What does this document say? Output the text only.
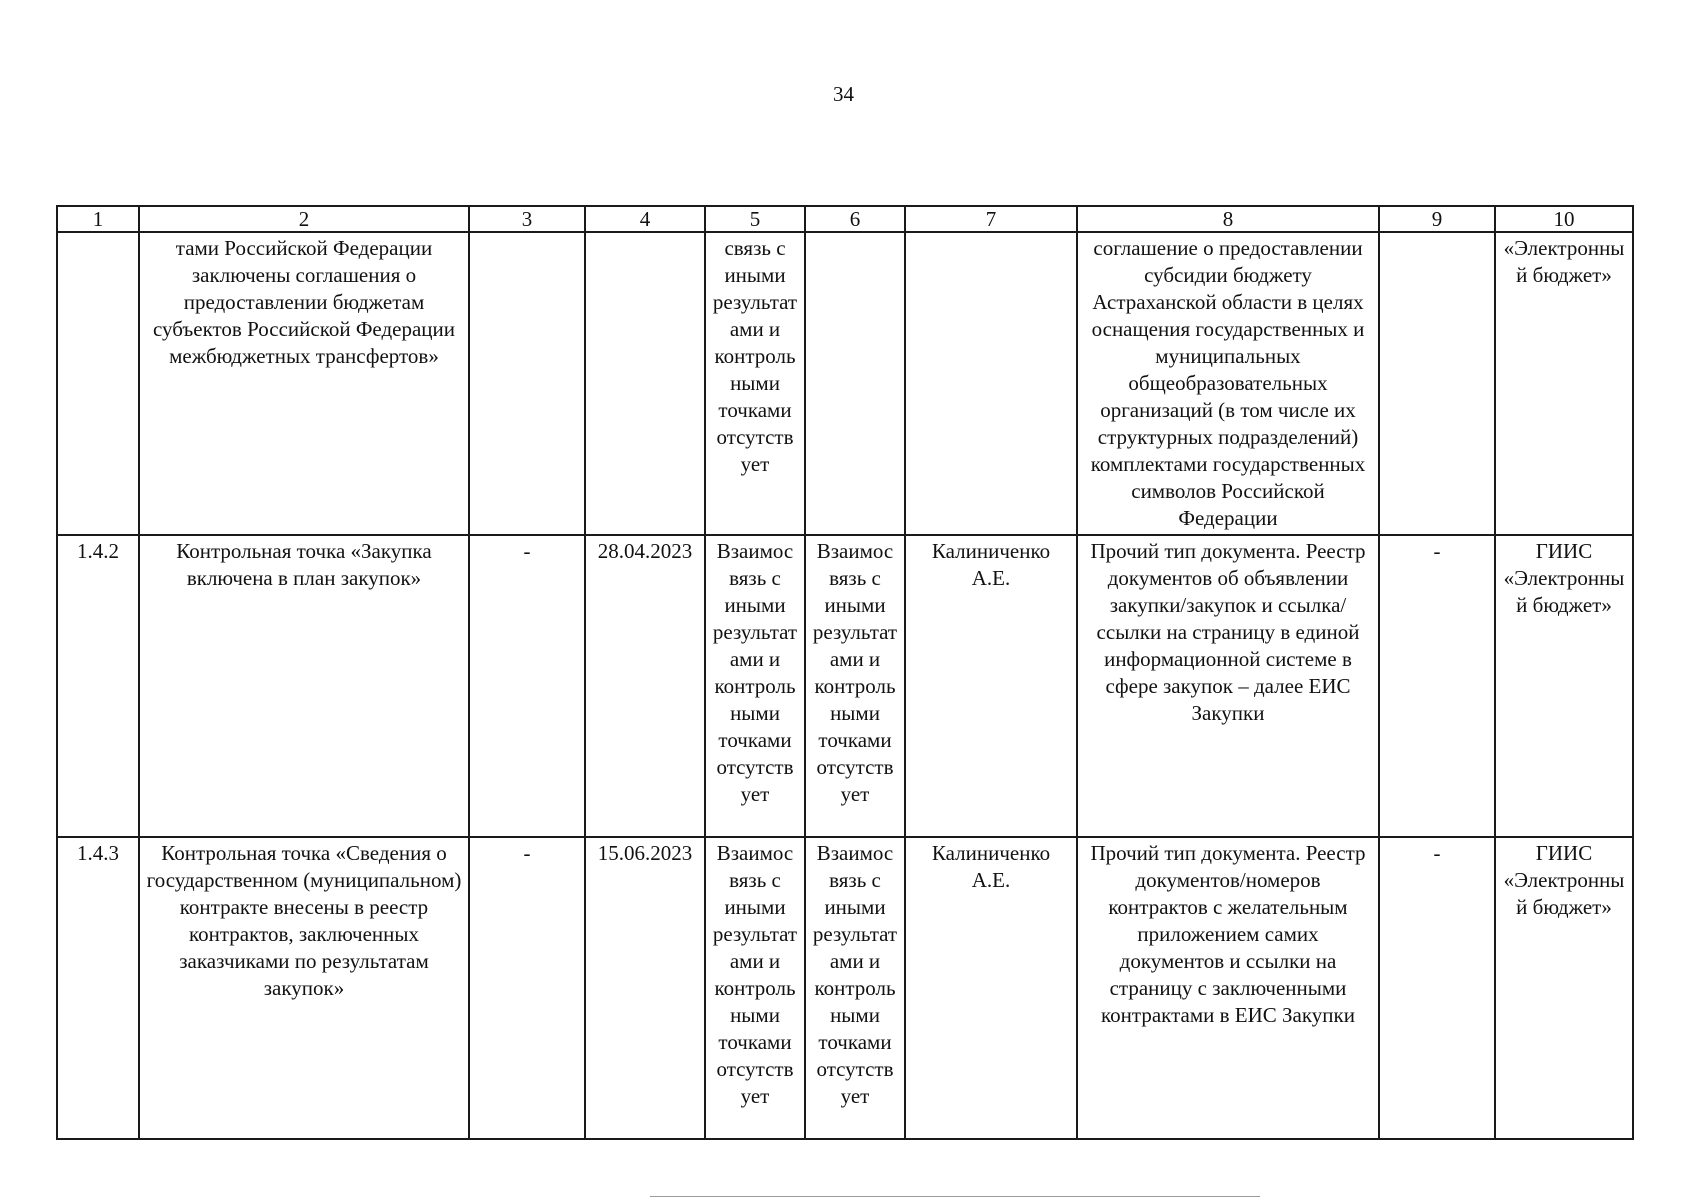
34
1	2	3	4	5	6	7	8	9	10
	тами Российской Федерации заключены соглашения о предоставлении бюджетам субъектов Российской Федерации межбюджетных трансфертов»			связь с иными результатами и контрольными точками отсутствует			соглашение о предоставлении субсидии бюджету Астраханской области в целях оснащения государственных и муниципальных общеобразовательных организаций (в том числе их структурных подразделений) комплектами государственных символов Российской Федерации		«Электронный бюджет»
1.4.2	Контрольная точка «Закупка включена в план закупок»	-	28.04.2023	Взаимосвязь с иными результатами и контрольными точками отсутствует	Взаимосвязь с иными результатами и контрольными точками отсутствует	Калиниченко А.Е.	Прочий тип документа. Реестр документов об объявлении закупки/закупок и ссылка/ссылки на страницу в единой информационной системе в сфере закупок – далее ЕИС Закупки	-	ГИИС «Электронный бюджет»
1.4.3	Контрольная точка «Сведения о государственном (муниципальном) контракте внесены в реестр контрактов, заключенных заказчиками по результатам закупок»	-	15.06.2023	Взаимосвязь с иными результатами и контрольными точками отсутствует	Взаимосвязь с иными результатами и контрольными точками отсутствует	Калиниченко А.Е.	Прочий тип документа. Реестр документов/номеров контрактов с желательным приложением самих документов и ссылки на страницу с заключенными контрактами в ЕИС Закупки	-	ГИИС «Электронный бюджет»
